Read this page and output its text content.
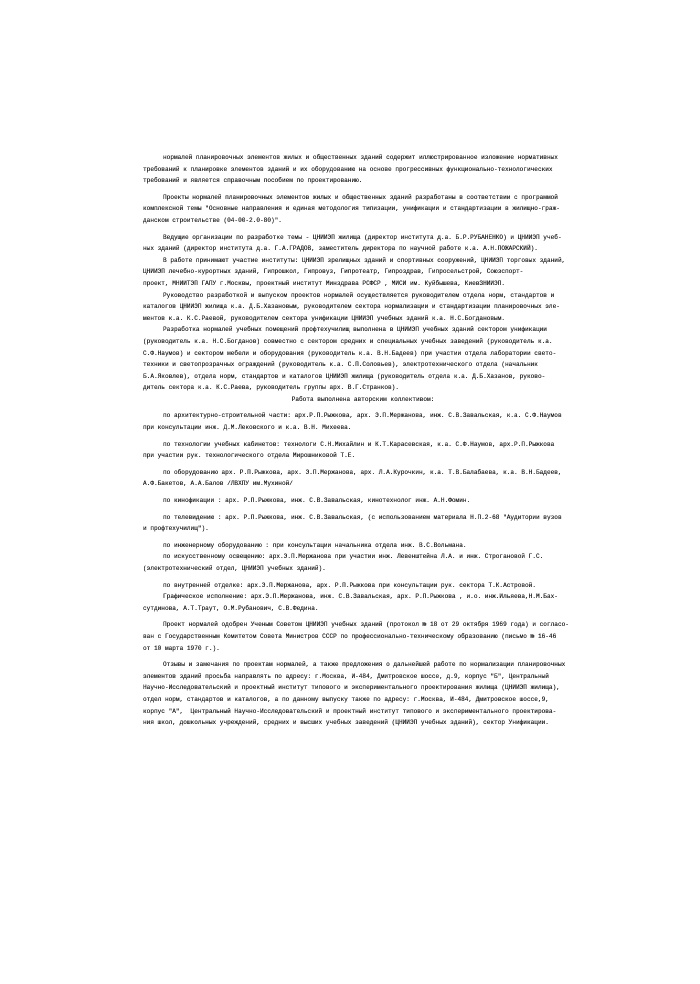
нормалей планировочных элементов жилых и общественных зданий содержит иллюстрированное изложение нормативных
требований к планировке элементов зданий и их оборудованию на основе прогрессивных функционально-технологических
требований и является справочным пособием по проектированию.
Проекты нормалей планировочных элементов жилых и общественных зданий разработаны в соответствии с программой
комплексной темы "Основные направления и единая методология типизации, унификации и стандартизации в жилищно-граж-
данском строительстве (04-00-2.0-80)".
Ведущие организации по разработке темы - ЦНИИЭП жилища (директор института д.а. Б.Р.РУБАНЕНКО) и ЦНИИЭП учеб-
ных зданий (директор института д.а. Г.А.ГРАДОВ, заместитель директора по научной работе к.а. А.Н.ПОЖАРСКИЙ).
В работе принимают участие институты: ЦНИИЭП зрелищных зданий и спортивных сооружений, ЦНИИЭП торговых зданий,
ЦНИИЭП лечебно-курортных зданий, Гипрошкол, Гипровуз, Гипротеатр, Гипроздрав, Гипросельстрой, Союзспорт-
проект, МНИИТЭП ГАПУ г.Москвы, проектный институт Минздрава РСФСР , МИСИ им. Куйбышева, КиевЗНИИЭП.
Руководство разработкой и выпуском проектов нормалей осуществляется руководителем отдела норм, стандартов и
каталогов ЦНИИЭП жилища к.а. Д.Б.Хазановым, руководителем сектора нормализации и стандартизации планировочных эле-
ментов к.а. К.С.Раевой, руководителем сектора унификации ЦНИИЭП учебных зданий к.а. Н.С.Богдановым.
Разработка нормалей учебных помещений профтехучилищ выполнена в ЦНИИЭП учебных зданий сектором унификации
(руководитель к.а. Н.С.Богданов) совместно с сектором средних и специальных учебных заведений (руководитель к.а.
С.Ф.Наумов) и сектором мебели и оборудования (руководитель к.а. В.Н.Бадеев) при участии отдела лаборатории свето-
техники и светопрозрачных ограждений (руководитель к.а. С.П.Соловьев), электротехнического отдела (начальник
Б.А.Яковлев), отдела норм, стандартов и каталогов ЦНИИЭП жилища (руководитель отдела к.а. Д.Б.Хазанов, руково-
дитель сектора к.а. К.С.Раева, руководитель группы арх. В.Г.Странков).
Работа выполнена авторским коллективом:
по архитектурно-строительной части: арх.Р.П.Рыжкова, арх. Э.П.Мержанова, инж. С.В.Завальская, к.а. С.Ф.Наумов
при консультации инж. Д.М.Лековского и к.а. В.Н. Михеева.
по технологии учебных кабинетов: технологи С.Н.Михайлин и К.Т.Карасевская, к.а. С.Ф.Наумов, арх.Р.П.Рыжкова
при участии рук. технологического отдела Мирошниковой Т.Е.
по оборудованию арх. Р.П.Рыжкова, арх. Э.П.Мержанова, арх. Л.А.Курочкин, к.а. Т.В.Балабаева, к.а. В.Н.Бадеев,
А.Ф.Бакетов, А.А.Балов /ЛВХПУ им.Мухиной/
по кинофикации : арх. Р.П.Рыжкова, инж. С.В.Завальская, кинотехнолог инж. А.Н.Фомин.
по телевидению : арх. Р.П.Рыжкова, инж. С.В.Завальская, (с использованием материала Н.П.2-68 "Аудитории вузов
и профтехучилищ").
по инженерному оборудованию : при консультации начальника отдела инж. В.С.Вольмана.
по искусственному освещению: арх.Э.П.Мержанова при участии инж. Левенштейна Л.А. и инж. Строгановой Г.С.
(электротехнический отдел, ЦНИИЭП учебных зданий).
по внутренней отделке: арх.Э.П.Мержанова, арх. Р.П.Рыжкова при консультации рук. сектора Т.К.Астровой.
Графическое исполнение: арх.Э.П.Мержанова, инж. С.В.Завальская, арх. Р.П.Рыжкова , и.о. инж.Ильяева,Н.М.Бах-
сутдинова, А.Т.Траут, О.М.Рубанович, С.В.Федина.
Проект нормалей одобрен Ученым Советом ЦНИИЭП учебных зданий (протокол № 18 от 29 октября 1969 года) и согласо-
ван с Государственным Комитетом Совета Министров СССР по профессионально-техническому образованию (письмо № 16-46
от 10 марта 1970 г.).
Отзывы и замечания по проектам нормалей, а также предложения о дальнейшей работе по нормализации планировочных
элементов зданий просьба направлять по адресу: г.Москва, И-484, Дмитровское шоссе, д.9, корпус "Б", Центральный
Научно-Исследовательский и проектный институт типового и экспериментального проектирования жилища (ЦНИИЭП жилища),
отдел норм, стандартов и каталогов, а по данному выпуску также по адресу: г.Москва, И-484, Дмитровское шоссе,9,
корпус "А",  Центральный Научно-Исследовательский и проектный институт типового и экспериментального проектирова-
ния школ, дошкольных учреждений, средних и высших учебных заведений (ЦНИИЭП учебных зданий), сектор Унификации.
